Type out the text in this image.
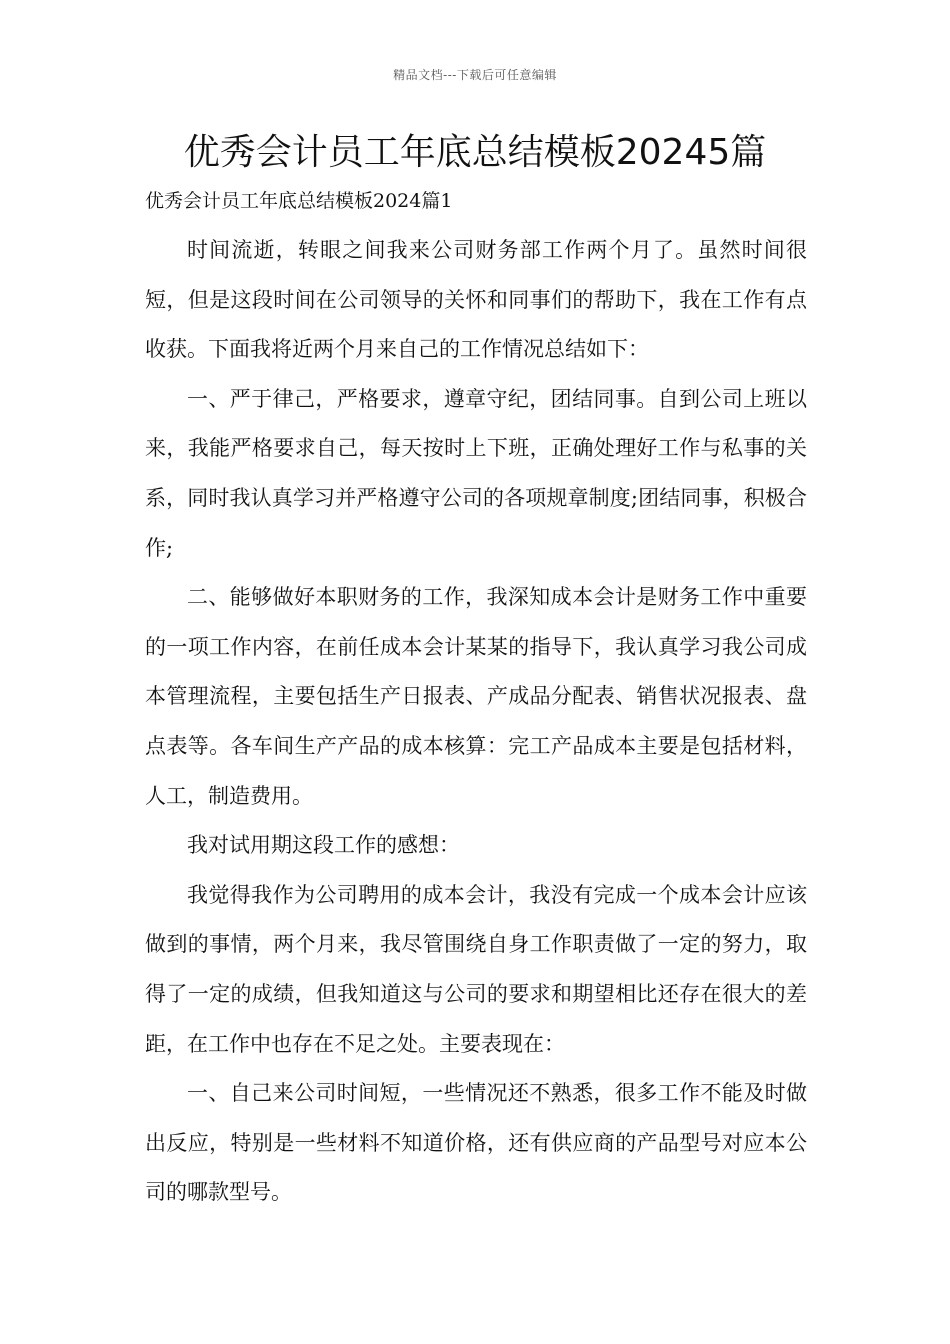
精品文档---下载后可任意编辑
优秀会计员工年底总结模板20245篇

优秀会计员工年底总结模板2024篇1

时间流逝，转眼之间我来公司财务部工作两个月了。虽然时间很短，但是这段时间在公司领导的关怀和同事们的帮助下，我在工作有点收获。下面我将近两个月来自己的工作情况总结如下：

一、严于律己，严格要求，遵章守纪，团结同事。自到公司上班以来，我能严格要求自己，每天按时上下班，正确处理好工作与私事的关系，同时我认真学习并严格遵守公司的各项规章制度;团结同事，积极合作;

二、能够做好本职财务的工作，我深知成本会计是财务工作中重要的一项工作内容，在前任成本会计某某的指导下，我认真学习我公司成本管理流程，主要包括生产日报表、产成品分配表、销售状况报表、盘点表等。各车间生产产品的成本核算：完工产品成本主要是包括材料，人工，制造费用。

我对试用期这段工作的感想：

我觉得我作为公司聘用的成本会计，我没有完成一个成本会计应该做到的事情，两个月来，我尽管围绕自身工作职责做了一定的努力，取得了一定的成绩，但我知道这与公司的要求和期望相比还存在很大的差距，在工作中也存在不足之处。主要表现在：

一、自己来公司时间短，一些情况还不熟悉，很多工作不能及时做出反应，特别是一些材料不知道价格，还有供应商的产品型号对应本公司的哪款型号。
